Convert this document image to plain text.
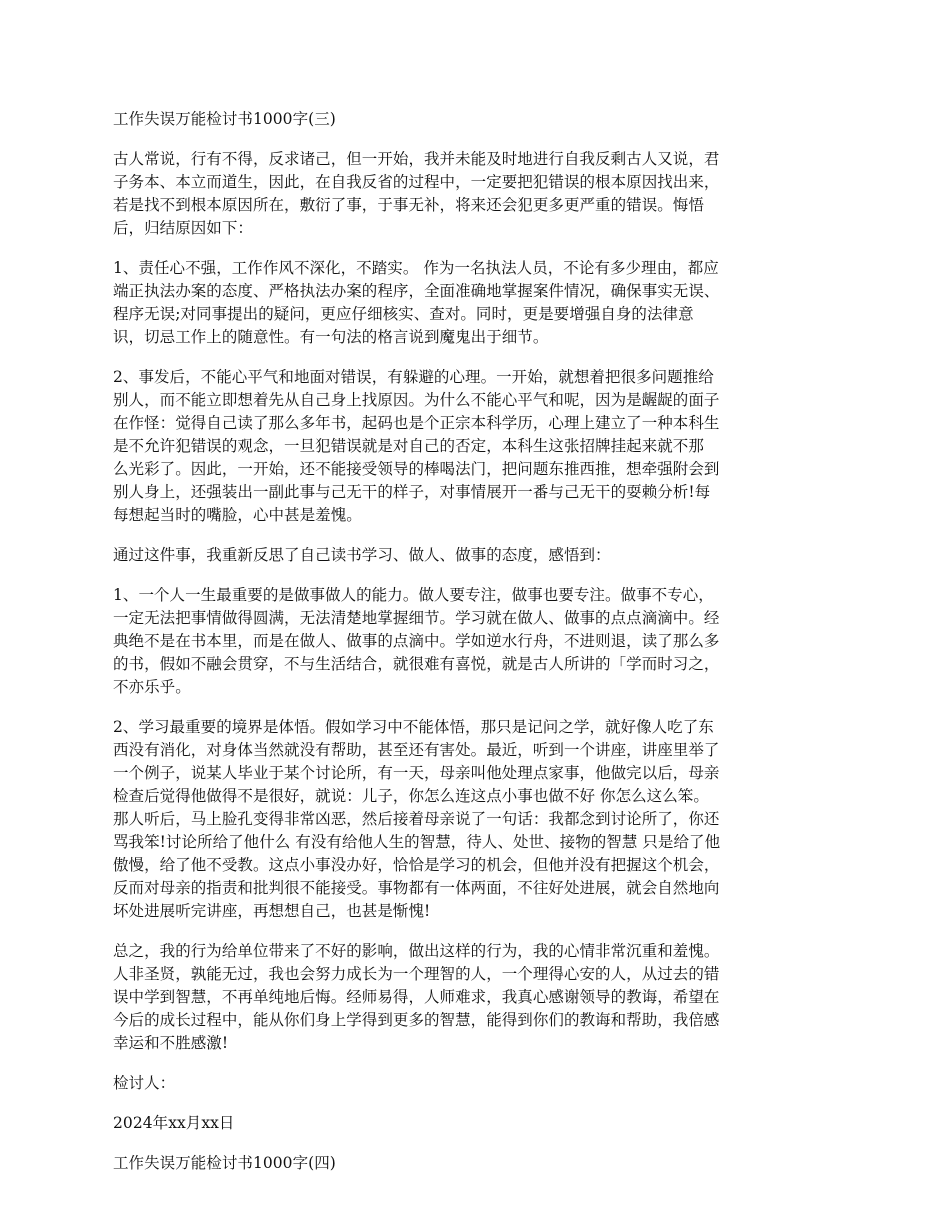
工作失误万能检讨书1000字(三)
古人常说，行有不得，反求诸己，但一开始，我并未能及时地进行自我反剩古人又说，君
子务本、本立而道生，因此，在自我反省的过程中，一定要把犯错误的根本原因找出来，
若是找不到根本原因所在，敷衍了事，于事无补，将来还会犯更多更严重的错误。悔悟
后，归结原因如下：
1、责任心不强，工作作风不深化，不踏实。 作为一名执法人员，不论有多少理由，都应
端正执法办案的态度、严格执法办案的程序，全面准确地掌握案件情况，确保事实无误、
程序无误;对同事提出的疑问，更应仔细核实、查对。同时，更是要增强自身的法律意
识，切忌工作上的随意性。有一句法的格言说到魔鬼出于细节。
2、事发后，不能心平气和地面对错误，有躲避的心理。一开始，就想着把很多问题推给
别人，而不能立即想着先从自己身上找原因。为什么不能心平气和呢，因为是龌龊的面子
在作怪：觉得自己读了那么多年书，起码也是个正宗本科学历，心理上建立了一种本科生
是不允许犯错误的观念，一旦犯错误就是对自己的否定，本科生这张招牌挂起来就不那
么光彩了。因此，一开始，还不能接受领导的棒喝法门，把问题东推西推，想牵强附会到
别人身上，还强装出一副此事与己无干的样子，对事情展开一番与己无干的耍赖分析!每
每想起当时的嘴脸，心中甚是羞愧。
通过这件事，我重新反思了自己读书学习、做人、做事的态度，感悟到：
1、一个人一生最重要的是做事做人的能力。做人要专注，做事也要专注。做事不专心，
一定无法把事情做得圆满，无法清楚地掌握细节。学习就在做人、做事的点点滴滴中。经
典绝不是在书本里，而是在做人、做事的点滴中。学如逆水行舟，不进则退，读了那么多
的书，假如不融会贯穿，不与生活结合，就很难有喜悦，就是古人所讲的「学而时习之，
不亦乐乎。
2、学习最重要的境界是体悟。假如学习中不能体悟，那只是记问之学，就好像人吃了东
西没有消化，对身体当然就没有帮助，甚至还有害处。最近，听到一个讲座，讲座里举了
一个例子，说某人毕业于某个讨论所，有一天，母亲叫他处理点家事，他做完以后，母亲
检查后觉得他做得不是很好，就说：儿子，你怎么连这点小事也做不好 你怎么这么笨。
那人听后，马上脸孔变得非常凶恶，然后接着母亲说了一句话：我都念到讨论所了，你还
骂我笨!讨论所给了他什么 有没有给他人生的智慧，待人、处世、接物的智慧 只是给了他
傲慢，给了他不受教。这点小事没办好，恰恰是学习的机会，但他并没有把握这个机会，
反而对母亲的指责和批判很不能接受。事物都有一体两面，不往好处进展，就会自然地向
坏处进展听完讲座，再想想自己，也甚是惭愧!
总之，我的行为给单位带来了不好的影响，做出这样的行为，我的心情非常沉重和羞愧。
人非圣贤，孰能无过，我也会努力成长为一个理智的人，一个理得心安的人，从过去的错
误中学到智慧，不再单纯地后悔。经师易得，人师难求，我真心感谢领导的教诲，希望在
今后的成长过程中，能从你们身上学得到更多的智慧，能得到你们的教诲和帮助，我倍感
幸运和不胜感激!
检讨人：
2024年xx月xx日
工作失误万能检讨书1000字(四)
